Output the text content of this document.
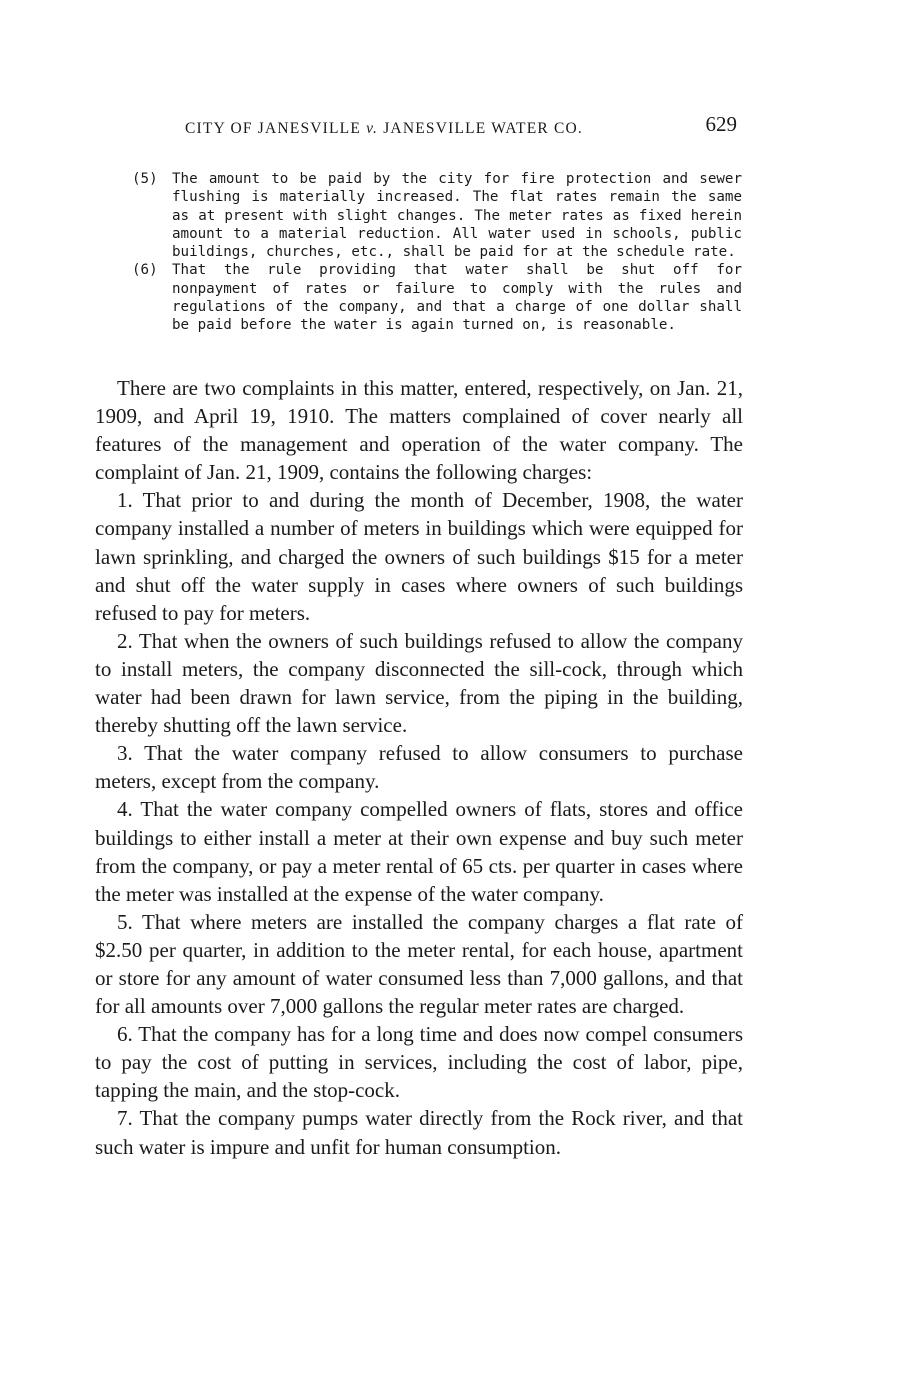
CITY OF JANESVILLE v. JANESVILLE WATER CO.	629
(5) The amount to be paid by the city for fire protection and sewer flushing is materially increased. The flat rates remain the same as at present with slight changes. The meter rates as fixed herein amount to a material reduction. All water used in schools, public buildings, churches, etc., shall be paid for at the schedule rate.
(6) That the rule providing that water shall be shut off for nonpayment of rates or failure to comply with the rules and regulations of the company, and that a charge of one dollar shall be paid before the water is again turned on, is reasonable.

There are two complaints in this matter, entered, respectively, on Jan. 21, 1909, and April 19, 1910. The matters complained of cover nearly all features of the management and operation of the water company. The complaint of Jan. 21, 1909, contains the following charges:

1. That prior to and during the month of December, 1908, the water company installed a number of meters in buildings which were equipped for lawn sprinkling, and charged the owners of such buildings $15 for a meter and shut off the water supply in cases where owners of such buildings refused to pay for meters.

2. That when the owners of such buildings refused to allow the company to install meters, the company disconnected the sill-cock, through which water had been drawn for lawn service, from the piping in the building, thereby shutting off the lawn service.

3. That the water company refused to allow consumers to purchase meters, except from the company.

4. That the water company compelled owners of flats, stores and office buildings to either install a meter at their own expense and buy such meter from the company, or pay a meter rental of 65 cts. per quarter in cases where the meter was installed at the expense of the water company.

5. That where meters are installed the company charges a flat rate of $2.50 per quarter, in addition to the meter rental, for each house, apartment or store for any amount of water consumed less than 7,000 gallons, and that for all amounts over 7,000 gallons the regular meter rates are charged.

6. That the company has for a long time and does now compel consumers to pay the cost of putting in services, including the cost of labor, pipe, tapping the main, and the stop-cock.

7. That the company pumps water directly from the Rock river, and that such water is impure and unfit for human consumption.
